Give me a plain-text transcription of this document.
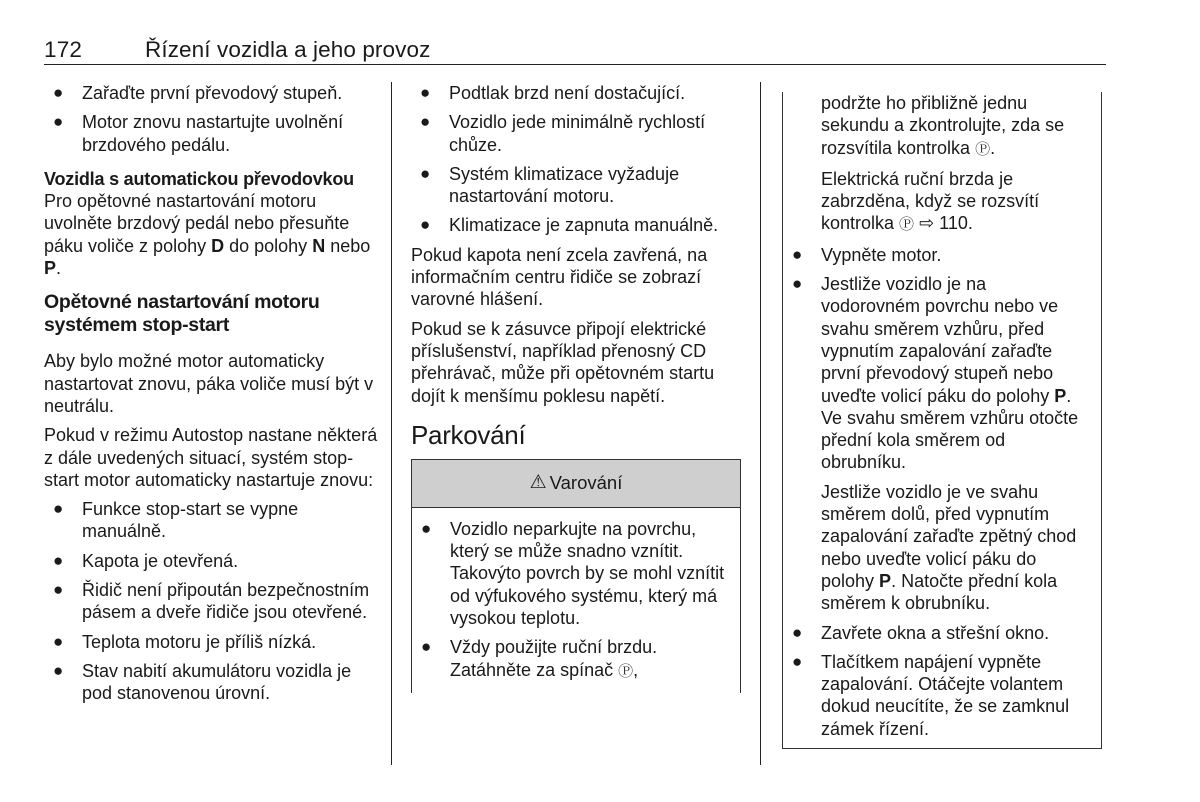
172	Řízení vozidla a jeho provoz
● Zařaďte první převodový stupeň.
● Motor znovu nastartujte uvolnění brzdového pedálu.
Vozidla s automatickou převodovkou

Pro opětovné nastartování motoru uvolněte brzdový pedál nebo přesuňte páku voliče z polohy D do polohy N nebo P.

Opětovné nastartování motoru systémem stop-start

Aby bylo možné motor automaticky nastartovat znovu, páka voliče musí být v neutrálu.

Pokud v režimu Autostop nastane některá z dále uvedených situací, systém stop-start motor automaticky nastartuje znovu:

● Funkce stop-start se vypne manuálně.
● Kapota je otevřená.
● Řidič není připoután bezpečnostním pásem a dveře řidiče jsou otevřené.
● Teplota motoru je příliš nízká.
● Stav nabití akumulátoru vozidla je pod stanovenou úrovní.
● Podtlak brzd není dostačující.
● Vozidlo jede minimálně rychlostí chůze.
● Systém klimatizace vyžaduje nastartování motoru.
● Klimatizace je zapnuta manuálně.

Pokud kapota není zcela zavřená, na informačním centru řidiče se zobrazí varovné hlášení.

Pokud se k zásuvce připojí elektrické příslušenství, například přenosný CD přehrávač, může při opětovném startu dojít k menšímu poklesu napětí.

Parkování
⚠ Varování
● Vozidlo neparkujte na povrchu, který se může snadno vznítit. Takovýto povrch by se mohl vznítit od výfukového systému, který má vysokou teplotu.
● Vždy použijte ruční brzdu. Zatáhněte za spínač Ⓟ,

podržte ho přibližně jednu sekundu a zkontrolujte, zda se rozsvítila kontrolka Ⓟ.

Elektrická ruční brzda je zabrzděna, když se rozsvítí kontrolka Ⓟ ⇨ 110.

● Vypněte motor.
● Jestliže vozidlo je na vodorovném povrchu nebo ve svahu směrem vzhůru, před vypnutím zapalování zařaďte první převodový stupeň nebo uveďte volicí páku do polohy P. Ve svahu směrem vzhůru otočte přední kola směrem od obrubníku.

Jestliže vozidlo je ve svahu směrem dolů, před vypnutím zapalování zařaďte zpětný chod nebo uveďte volicí páku do polohy P. Natočte přední kola směrem k obrubníku.

● Zavřete okna a střešní okno.
● Tlačítkem napájení vypněte zapalování. Otáčejte volantem dokud neucítíte, že se zamknul zámek řízení.
